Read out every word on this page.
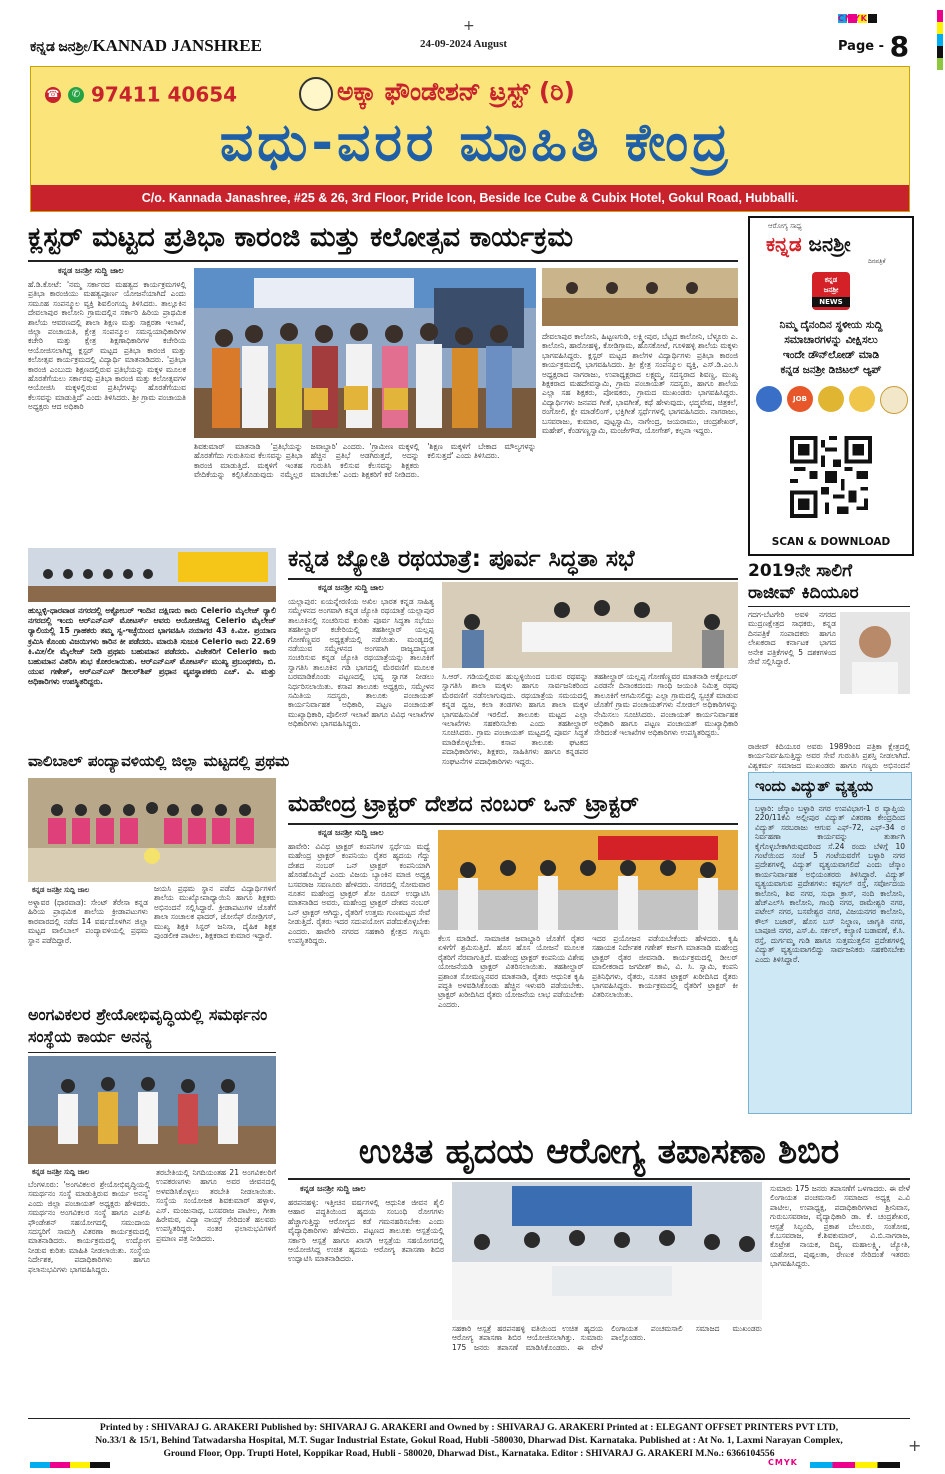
ಕನ್ನಡ ಜನಶ್ರೀ/KANNAD JANSHREE
+
24-09-2024 August
CMYK
Page - 8
☎ ✆ 97411 40654	ಅಕ್ಕಾ ಫೌಂಡೇಶನ್ ಟ್ರಸ್ಟ್ (ರಿ)
ವಧು-ವರರ ಮಾಹಿತಿ ಕೇಂದ್ರ
C/o. Kannada Janashree, #25 & 26, 3rd Floor, Pride Icon, Beside Ice Cube & Cubix Hotel, Gokul Road, Hubballi.
ಕ್ಲಸ್ಟರ್ ಮಟ್ಟದ ಪ್ರತಿಭಾ ಕಾರಂಜಿ ಮತ್ತು ಕಲೋತ್ಸವ ಕಾರ್ಯಕ್ರಮ
ಕನ್ನಡ ಜನಶ್ರೀ ಸುದ್ದಿ ಜಾಲ
ಹೆ.ಡಿ.ಕೋಟೆ: 'ನಮ್ಮ ಸರ್ಕಾರದ ಮಹತ್ವದ ಕಾರ್ಯಕ್ರಮಗಳಲ್ಲಿ ಪ್ರತಿಭಾ ಕಾರಂಜಿಯು ಮಹತ್ವಪೂರ್ಣ ಯೋಜನೆಯಾಗಿದೆ ಎಂದು ಸಮೂಹ ಸಂಪನ್ಮೂಲ ವ್ಯಕ್ತಿ ಶಿವಲಿಂಗಯ್ಯ ತಿಳಿಸಿದರು. ತಾಲ್ಲೂಕಿನ ದೇವಲಾಪುರ ಕಾಲೋನಿ ಗ್ರಾಮದಲ್ಲಿನ ಸರ್ಕಾರಿ ಹಿರಿಯ ಪ್ರಾಥಮಿಕ ಶಾಲೆಯ ಆವರಣದಲ್ಲಿ ಶಾಲಾ ಶಿಕ್ಷಣ ಮತ್ತು ಸಾಕ್ಷರತಾ ಇಲಾಖೆ, ಜಿಲ್ಲಾ ಪಂಚಾಯತಿ, ಕ್ಷೇತ್ರ ಸಂಪನ್ಮೂಲ ಸಮನ್ವಯಾಧಿಕಾರಿಗಳ ಕಚೇರಿ ಮತ್ತು ಕ್ಷೇತ್ರ ಶಿಕ್ಷಣಾಧಿಕಾರಿಗಳ ಕಚೇರಿಯ ಆಯೋಜಿಸಲಾಗಿದ್ದ ಕ್ಲಸ್ಟರ್ ಮಟ್ಟದ ಪ್ರತಿಭಾ ಕಾರಂಜಿ ಮತ್ತು ಕಲೋತ್ಸವ ಕಾರ್ಯಕ್ರಮದಲ್ಲಿ ವಿದ್ಯಾರ್ಥಿ ಮಾತನಾಡಿದರು. 'ಪ್ರತಿಭಾ ಕಾರಂಜಿ ಎಂಬುದು ಶಿಕ್ಷಣದಲ್ಲಿರುವ ಪ್ರತಿಭೆಯನ್ನು ಮಕ್ಕಳ ಮೂಲಕ ಹೊರತೆಗೆಯಲು ಸರ್ಕಾರವು ಪ್ರತಿಭಾ ಕಾರಂಜಿ ಮತ್ತು ಕಲೋತ್ಸವಗಳ ಆಯೋಜಿಸಿ ಮಕ್ಕಳಲ್ಲಿರುವ ಪ್ರತಿಭೆಗಳನ್ನು ಹೊರತೆಗೆಯುವ ಕೆಲಸವನ್ನು ಮಾಡುತ್ತಿದೆ' ಎಂದು ತಿಳಿಸಿದರು. ಶ್ರೀ ಗ್ರಾಮ ಪಂಚಾಯತಿ ಅಧ್ಯಕ್ಷರು ಆದ ಅಧಿಕಾರಿ
ಶಿವಕುಮಾರ್ ಮಾತನಾಡಿ 'ಪ್ರತಿಭೆಯನ್ನು ಹೊರತೆಗೆದು ಗುರುತಿಸುವ ಕೆಲಸವನ್ನು ಪ್ರತಿಭಾ ಕಾರಂಜಿ ಮಾಡುತ್ತಿದೆ. ಮಕ್ಕಳಿಗೆ ಇಂತಹ ವೇದಿಕೆಯನ್ನು ಕಲ್ಪಿಸಿಕೊಡುವುದು ನಮ್ಮೆಲ್ಲರ ಜವಾಬ್ದಾರಿ' ಎಂದರು. 'ಗ್ರಾಮೀಣ ಮಕ್ಕಳಲ್ಲಿ ಹೆಚ್ಚಿನ ಪ್ರತಿಭೆ ಅಡಗಿರುತ್ತದೆ, ಅದನ್ನು ಗುರುತಿಸಿ ಕಲಿಸುವ ಕೆಲಸವನ್ನು ಶಿಕ್ಷಕರು ಮಾಡಬೇಕು' ಎಂದು ಶಿಕ್ಷಕರಿಗೆ ಕರೆ ನೀಡಿದರು. 'ಶಿಕ್ಷಣ ಮಕ್ಕಳಿಗೆ ಬೇಕಾದ ಮೌಲ್ಯಗಳನ್ನು ಕಲಿಸುತ್ತದೆ' ಎಂದು ತಿಳಿಸಿದರು.
ದೇವಲಾಪುರ ಕಾಲೋನಿ, ಹಿಟ್ಟಣಗುಡಿ, ಲಕ್ಷ್ಮೀಪುರ, ಬೆಟ್ಟದ ಕಾಲೋನಿ, ಬೆಳ್ಳೂರು ಎ. ಕಾಲೋನಿ, ಹಾರೋಹಳ್ಳಿ, ಕೋಡಿಗ್ರಾಮ, ಹೊಸಕೋಟೆ, ಗೂಳಿಹಳ್ಳಿ ಶಾಲೆಯ ಮಕ್ಕಳು ಭಾಗವಹಿಸಿದ್ದರು. ಕ್ಲಸ್ಟರ್ ಮಟ್ಟದ ಶಾಲೆಗಳ ವಿದ್ಯಾರ್ಥಿಗಳು ಪ್ರತಿಭಾ ಕಾರಂಜಿ ಕಾರ್ಯಕ್ರಮದಲ್ಲಿ ಭಾಗವಹಿಸಿದರು. ಶ್ರೀ ಕ್ಷೇತ್ರ ಸಂಪನ್ಮೂಲ ವ್ಯಕ್ತಿ, ಎಸ್.ಡಿ.ಎಂ.ಸಿ ಅಧ್ಯಕ್ಷರಾದ ನಾಗರಾಜು, ಉಪಾಧ್ಯಕ್ಷರಾದ ಲಕ್ಷ್ಮಮ್ಮ, ಸದಸ್ಯರಾದ ಶಿವಣ್ಣ, ಮುಖ್ಯ ಶಿಕ್ಷಕರಾದ ಮಹದೇವಸ್ವಾಮಿ, ಗ್ರಾಮ ಪಂಚಾಯತ್ ಸದಸ್ಯರು, ಹಾಗೂ ಶಾಲೆಯ ಎಲ್ಲಾ ಸಹ ಶಿಕ್ಷಕರು, ಪೋಷಕರು, ಗ್ರಾಮದ ಮುಖಂಡರು ಭಾಗವಹಿಸಿದ್ದರು. ವಿದ್ಯಾರ್ಥಿಗಳು ಜನಪದ ಗೀತೆ, ಭಾವಗೀತೆ, ಕಥೆ ಹೇಳುವುದು, ಛದ್ಮವೇಷ, ಚಿತ್ರಕಲೆ, ರಂಗೋಲಿ, ಕ್ಲೇ ಮಾಡೆಲಿಂಗ್, ಭಕ್ತಿಗೀತೆ ಸ್ಪರ್ಧೆಗಳಲ್ಲಿ ಭಾಗವಹಿಸಿದರು. ನಾಗರಾಜು, ಬಸವರಾಜು, ಕುಮಾರ, ಪುಟ್ಟಸ್ವಾಮಿ, ನಾಗೇಂದ್ರ, ಜಯರಾಮು, ಚಂದ್ರಶೇಖರ್, ಮಹೇಶ್, ಕೆಂಡಗಣ್ಣಸ್ವಾಮಿ, ಮಂಜೇಗೌಡ, ಯೋಗೇಶ್, ಕಲ್ಪನಾ ಇದ್ದರು.
ಆರೋಗ್ಯ ಸಾಧ್ಯ
ಕನ್ನಡ ಜನಶ್ರೀ
ದಿನಪತ್ರಿಕೆ
ಕನ್ನಡ
ಜನಶ್ರೀ
NEWS
ನಿಮ್ಮ ದೈನಂದಿನ ಸ್ಥಳೀಯ ಸುದ್ದಿ
ಸಮಾಚಾರಗಳನ್ನು ವೀಕ್ಷಿಸಲು
ಇಂದೇ ಡೌನ್‌ಲೋಡ್ ಮಾಡಿ
ಕನ್ನಡ ಜನಶ್ರೀ ಡಿಜಿಟಲ್ ಆ್ಯಪ್
JOB
SCAN & DOWNLOAD
ಹುಬ್ಬಳ್ಳಿ-ಧಾರವಾಡ ನಗರದಲ್ಲಿ ಅಕ್ಟೋಬರ್ ಇಂದಿನ ದಕ್ಷಿಣರು ಕಾರು Celerio ಮೈಲೇಜ್ ರ‍್ಯಾಲಿ ನಗರದಲ್ಲಿ ಇಂದು ಆರ್‌ಎನ್ಎಸ್ ಮೋಟರ್ಸ್ ಆವರು ಆಯೋಜಿಸಿದ್ದ Celerio ಮೈಲೇಜ್ ರ‍್ಯಾಲಿಯಲ್ಲಿ 15 ಗ್ರಾಹಕರು ತಮ್ಮ ಸ್ವ-ಇಚ್ಛೆಯಿಂದ ಭಾಗವಹಿಸಿ ನಯಾಗರ 43 ಕಿ.ಮೀ. ಪ್ರಯಾಣ ಕ್ರಮಿಸಿ ಕೊಂಡು ವಿಜಯಿಗಳು ಕಾರಿನ ಕೀ ಪಡೆದರು. ಮಾರುತಿ ಸುಜುಕಿ Celerio ಕಾರು 22.69 ಕಿ.ಮೀ/ಲೀ ಮೈಲೇಜ್ ನೀಡಿ ಪ್ರಥಮ ಬಹುಮಾನ ಪಡೆದರು. ವಿಜೇತರಿಗೆ Celerio ಕಾರು ಬಹುಮಾನ ವಿತರಿಸಿ ಶುಭ ಕೋರಲಾಯಿತು. ಆರ್‌ಎನ್ಎಸ್ ಮೋಟರ್ಸ್ ಮುಖ್ಯ ಪ್ರಬಂಧಕರು, ಬಿ. ಯುವ ಗಣೇಶ್, ಆರ್‌ಎನ್ಎಸ್ ಡೀಲರ್‌ಶಿಪ್ ಪ್ರಧಾನ ವ್ಯವಸ್ಥಾಪಕರು ಎಚ್. ವಿ. ಮತ್ತು ಅಧಿಕಾರಿಗಳು ಉಪಸ್ಥಿತರಿದ್ದರು.
ಕನ್ನಡ ಜ್ಯೋತಿ ರಥಯಾತ್ರೆ: ಪೂರ್ವ ಸಿದ್ಧತಾ ಸಭೆ
ಕನ್ನಡ ಜನಶ್ರೀ ಸುದ್ದಿ ಜಾಲ
ಯಲ್ಲಾಪುರ: ಏಯನ್ನೇರಣಿಯ ಅಖಿಲ ಭಾರತ ಕನ್ನಡ ಸಾಹಿತ್ಯ ಸಮ್ಮೇಳನದ ಅಂಗವಾಗಿ ಕನ್ನಡ ಜ್ಯೋತಿ ರಥಯಾತ್ರೆ ಯಲ್ಲಾಪುರ ತಾಲೂಕಿನಲ್ಲಿ ಸಂಚರಿಸುವ ಕುರಿತು ಪೂರ್ವ ಸಿದ್ಧತಾ ಸಭೆಯು ತಹಶೀಲ್ದಾರ್ ಕಚೇರಿಯಲ್ಲಿ ತಹಶೀಲ್ದಾರ್ ಯಲ್ಲಪ್ಪ ಗೋಣೆಣ್ಣವರ ಅಧ್ಯಕ್ಷತೆಯಲ್ಲಿ ನಡೆಯಿತು. ಮಂಡ್ಯದಲ್ಲಿ ನಡೆಯುವ ಸಮ್ಮೇಳನದ ಅಂಗವಾಗಿ ರಾಜ್ಯದಾದ್ಯಂತ ಸಂಚರಿಸುವ ಕನ್ನಡ ಜ್ಯೋತಿ ರಥಯಾತ್ರೆಯನ್ನು ತಾಲೂಕಿಗೆ ಸ್ವಾಗತಿಸಿ ತಾಲೂಕಿನ ಗಡಿ ಭಾಗದಲ್ಲಿ ಮೆರವಣಿಗೆ ಮೂಲಕ ಬರಮಾಡಿಕೊಂಡು ಪಟ್ಟಣದಲ್ಲಿ ಭವ್ಯ ಸ್ವಾಗತ ನೀಡಲು ನಿರ್ಧರಿಸಲಾಯಿತು. ಕಸಾಪ ತಾಲೂಕು ಅಧ್ಯಕ್ಷರು, ಸಮ್ಮೇಳನ ಸಮಿತಿಯ ಸದಸ್ಯರು, ತಾಲೂಕು ಪಂಚಾಯತ್ ಕಾರ್ಯನಿರ್ವಾಹಕ ಅಧಿಕಾರಿ, ಪಟ್ಟಣ ಪಂಚಾಯತ್ ಮುಖ್ಯಾಧಿಕಾರಿ, ಪೊಲೀಸ್ ಇಲಾಖೆ ಹಾಗೂ ವಿವಿಧ ಇಲಾಖೆಗಳ ಅಧಿಕಾರಿಗಳು ಭಾಗವಹಿಸಿದ್ದರು.
ಸಿ.ಆರ್. ಗಡಿಯಲ್ಲಿರುವ ಹುಬ್ಬಳ್ಳಿಯಿಂದ ಬರುವ ರಥವನ್ನು ಸ್ವಾಗತಿಸಿ ಶಾಲಾ ಮಕ್ಕಳು ಹಾಗೂ ಸಾರ್ವಜನಿಕರಿಂದ ಮೆರವಣಿಗೆ ನಡೆಸಲಾಗುವುದು. ರಥಯಾತ್ರೆಯ ಸಮಯದಲ್ಲಿ ಕನ್ನಡ ಧ್ವಜ, ಕಲಾ ತಂಡಗಳು ಹಾಗೂ ಶಾಲಾ ಮಕ್ಕಳ ಭಾಗವಹಿಸುವಿಕೆ ಇರಲಿದೆ. ತಾಲೂಕು ಮಟ್ಟದ ಎಲ್ಲಾ ಇಲಾಖೆಗಳು ಸಹಕರಿಸಬೇಕು ಎಂದು ತಹಶೀಲ್ದಾರ್ ಸೂಚಿಸಿದರು. ಗ್ರಾಮ ಪಂಚಾಯತ್ ಮಟ್ಟದಲ್ಲಿ ಪೂರ್ವ ಸಿದ್ಧತೆ ಮಾಡಿಕೊಳ್ಳಬೇಕು. ಕಸಾಪ ತಾಲೂಕು ಘಟಕದ ಪದಾಧಿಕಾರಿಗಳು, ಶಿಕ್ಷಕರು, ಸಾಹಿತಿಗಳು ಹಾಗೂ ಕನ್ನಡಪರ ಸಂಘಟನೆಗಳ ಪದಾಧಿಕಾರಿಗಳು ಇದ್ದರು.
ತಹಶೀಲ್ದಾರ್ ಯಲ್ಲಪ್ಪ ಗೋಣೆಣ್ಣವರ ಮಾತನಾಡಿ ಅಕ್ಟೋಬರ್ ಎರಡನೇ ದಿನಾಂಕದಂದು ಗಾಂಧಿ ಜಯಂತಿ ನಿಮಿತ್ತ ರಥವು ತಾಲೂಕಿಗೆ ಆಗಮಿಸಲಿದ್ದು ಎಲ್ಲಾ ಗ್ರಾಮದಲ್ಲಿ ಸ್ವಚ್ಛತೆ ಮಾಡುವ ಜೊತೆಗೆ ಗ್ರಾಮ ಪಂಚಾಯತ್‌ಗಳು ನೋಡಲ್ ಅಧಿಕಾರಿಗಳನ್ನು ನೇಮಿಸಲು ಸೂಚಿಸಿದರು. ಪಂಚಾಯತ್ ಕಾರ್ಯನಿರ್ವಾಹಕ ಅಧಿಕಾರಿ ಹಾಗೂ ಪಟ್ಟಣ ಪಂಚಾಯತ್ ಮುಖ್ಯಾಧಿಕಾರಿ ಸೇರಿದಂತೆ ಇಲಾಖೆಗಳ ಅಧಿಕಾರಿಗಳು ಉಪಸ್ಥಿತರಿದ್ದರು.
ವಾಲಿಬಾಲ್ ಪಂದ್ಯಾವಳಿಯಲ್ಲಿ ಜಿಲ್ಲಾ ಮಟ್ಟದಲ್ಲಿ ಪ್ರಥಮ
ಕನ್ನಡ ಜನಶ್ರೀ ಸುದ್ದಿ ಜಾಲ
ಅಳ್ನಾವರ (ಧಾರವಾಡ): ಸೇಂಟ್ ತೆರೇಸಾ ಕನ್ನಡ ಹಿರಿಯ ಪ್ರಾಥಮಿಕ ಶಾಲೆಯ ಕ್ರೀಡಾಪಟುಗಳು ಕಾರವಾರದಲ್ಲಿ ನಡೆದ 14 ವರ್ಷದೊಳಗಿನ ಜಿಲ್ಲಾ ಮಟ್ಟದ ವಾಲಿಬಾಲ್ ಪಂದ್ಯಾವಳಿಯಲ್ಲಿ ಪ್ರಥಮ ಸ್ಥಾನ ಪಡೆದಿದ್ದಾರೆ.
ಜಯಸಿ ಪ್ರಥಮ ಸ್ಥಾನ ಪಡೆದ ವಿದ್ಯಾರ್ಥಿಗಳಿಗೆ ಶಾಲೆಯ ಮುಖ್ಯೋಪಾಧ್ಯಾಯಿನಿ ಹಾಗೂ ಶಿಕ್ಷಕರು ಅಭಿನಂದನೆ ಸಲ್ಲಿಸಿದ್ದಾರೆ. ಕ್ರೀಡಾಪಟುಗಳ ಜೊತೆಗೆ ಶಾಲಾ ಸಂಚಾಲಕ ಫಾದರ್, ಜೋಸೆಫ್ ರೋಡ್ರಿಗಸ್, ಮುಖ್ಯ ಶಿಕ್ಷಕಿ ಸಿಸ್ಟರ್ ಜನಿಸಾ, ದೈಹಿಕ ಶಿಕ್ಷಕ ಪುಂಡಲೀಕ ಪಾಟೀಲ, ಶಿಕ್ಷಕರಾದ ಕುಮಾರ ಇದ್ದಾರೆ.
ಮಹೇಂದ್ರ ಟ್ರಾಕ್ಟರ್ ದೇಶದ ನಂಬರ್ ಒನ್ ಟ್ರಾಕ್ಟರ್
ಕನ್ನಡ ಜನಶ್ರೀ ಸುದ್ದಿ ಜಾಲ
ಹಾವೇರಿ: ವಿವಿಧ ಟ್ರಾಕ್ಟರ್ ಕಂಪನಿಗಳ ಸ್ಪರ್ಧೆಯ ಮಧ್ಯೆ ಮಹೇಂದ್ರ ಟ್ರಾಕ್ಟರ್ ಕಂಪನಿಯು ರೈತರ ಹೃದಯ ಗೆದ್ದು ದೇಶದ ನಂಬರ್ ಒನ್ ಟ್ರಾಕ್ಟರ್ ಕಂಪನಿಯಾಗಿ ಹೊರಹೊಮ್ಮಿದೆ ಎಂದು ವಿಜಯ ಬ್ಯಾಂಕಿನ ಮಾಜಿ ಅಧ್ಯಕ್ಷ ಬಸವರಾಜ ಸವಣೂರು ಹೇಳಿದರು. ನಗರದಲ್ಲಿ ಸೋಮವಾರ ನೂತನ ಮಹೇಂದ್ರ ಟ್ರಾಕ್ಟರ್ ಶೋ ರೂಮ್ ಉದ್ಘಾಟಿಸಿ ಮಾತನಾಡಿದ ಅವರು, ಮಹೇಂದ್ರ ಟ್ರಾಕ್ಟರ್ ದೇಶದ ನಂಬರ್ ಒನ್ ಟ್ರಾಕ್ಟರ್ ಆಗಿದ್ದು, ರೈತರಿಗೆ ಉತ್ತಮ ಗುಣಮಟ್ಟದ ಸೇವೆ ನೀಡುತ್ತಿದೆ. ರೈತರು ಇದರ ಸದುಪಯೋಗ ಪಡೆದುಕೊಳ್ಳಬೇಕು ಎಂದರು. ಹಾವೇರಿ ನಗರದ ಸಹಕಾರಿ ಕ್ಷೇತ್ರದ ಗಣ್ಯರು ಉಪಸ್ಥಿತರಿದ್ದರು.	ಕೆಲಸ ಮಾಡಿದೆ. ಸಾಮಾಜಿಕ ಜವಾಬ್ದಾರಿ ಜೊತೆಗೆ ರೈತರ ಏಳಿಗೆಗೆ ಶ್ರಮಿಸುತ್ತಿದೆ. ಹೊಸ ಹೊಸ ಯೋಜನೆ ಮೂಲಕ ರೈತರಿಗೆ ನೆರವಾಗುತ್ತಿದೆ. ಮಹೇಂದ್ರ ಟ್ರಾಕ್ಟರ್ ಕಂಪನಿಯ ವಿಶೇಷ ಯೋಜನೆಯಡಿ ಟ್ರಾಕ್ಟರ್ ವಿತರಿಸಲಾಯಿತು. ತಹಶೀಲ್ದಾರ್ ಪ್ರಶಾಂತ ಸೋಮಣ್ಣನವರ ಮಾತನಾಡಿ, ರೈತರು ಆಧುನಿಕ ಕೃಷಿ ಪದ್ಧತಿ ಅಳವಡಿಸಿಕೊಂಡು ಹೆಚ್ಚಿನ ಇಳುವರಿ ಪಡೆಯಬೇಕು. ಟ್ರಾಕ್ಟರ್ ಖರೀದಿಸಿದ ರೈತರು ಯೋಜನೆಯ ಲಾಭ ಪಡೆಯಬೇಕು ಎಂದರು.
ಇದರ ಪ್ರಯೋಜನ ಪಡೆಯಬೇಕೆಂದು ಹೇಳಿದರು. ಕೃಷಿ ಸಹಾಯಕ ನಿರ್ದೇಶಕ ಗಣೇಶ್ ಕರ್ಜಗಿ ಮಾತನಾಡಿ ಮಹೇಂದ್ರ ಟ್ರಾಕ್ಟರ್ ರೈತರ ಜೀವನಾಡಿ. ಕಾರ್ಯಕ್ರಮದಲ್ಲಿ ಡೀಲರ್ ಮಾಲೀಕರಾದ ಜಗದೀಶ್ ಕಾವಿ, ವಿ. ಸಿ. ಸ್ವಾಮಿ, ಕಂಪನಿ ಪ್ರತಿನಿಧಿಗಳು, ರೈತರು, ನೂತನ ಟ್ರಾಕ್ಟರ್ ಖರೀದಿಸಿದ ರೈತರು ಭಾಗವಹಿಸಿದ್ದರು. ಕಾರ್ಯಕ್ರಮದಲ್ಲಿ ರೈತರಿಗೆ ಟ್ರಾಕ್ಟರ್ ಕೀ ವಿತರಿಸಲಾಯಿತು.
ಅಂಗವಿಕಲರ ಶ್ರೇಯೋಭಿವೃದ್ಧಿಯಲ್ಲಿ ಸಮರ್ಥನಂ ಸಂಸ್ಥೆಯ ಕಾರ್ಯ ಅನನ್ಯ
ಕನ್ನಡ ಜನಶ್ರೀ ಸುದ್ದಿ ಜಾಲ
ಬೆಂಗಳೂರು: 'ಅಂಗವಿಕಲರ ಶ್ರೇಯೋಭಿವೃದ್ಧಿಯಲ್ಲಿ ಸಮರ್ಥನಂ ಸಂಸ್ಥೆ ಮಾಡುತ್ತಿರುವ ಕಾರ್ಯ ಅನನ್ಯ' ಎಂದು ಜಿಲ್ಲಾ ಪಂಚಾಯತ್ ಅಧ್ಯಕ್ಷರು ಹೇಳಿದರು. ಸಮರ್ಥನಂ ಅಂಗವಿಕಲರ ಸಂಸ್ಥೆ ಹಾಗೂ ಎಚ್‌ಪಿ ಫೌಂಡೇಶನ್ ಸಹಯೋಗದಲ್ಲಿ ಸಮುದಾಯ ಸದಸ್ಯರಿಗೆ ಸಾಮಗ್ರಿ ವಿತರಣಾ ಕಾರ್ಯಕ್ರಮದಲ್ಲಿ ಮಾತನಾಡಿದರು. ಕಾರ್ಯಕ್ರಮದಲ್ಲಿ ಉದ್ಯೋಗ ನೀಡುವ ಕುರಿತು ಮಾಹಿತಿ ನೀಡಲಾಯಿತು. ಸಂಸ್ಥೆಯ ನಿರ್ದೇಶಕ, ಪದಾಧಿಕಾರಿಗಳು ಹಾಗೂ ಫಲಾನುಭವಿಗಳು ಭಾಗವಹಿಸಿದ್ದರು.
ತರಬೇತಿಯಲ್ಲಿ ನಿಗದಿಯಂತಹ 21 ಅಂಗವಿಕಲರಿಗೆ ಉಪಕರಣಗಳು ಹಾಗೂ ಅವರ ಜೀವನದಲ್ಲಿ ಅಳವಡಿಸಿಕೊಳ್ಳಲು ತರಬೇತಿ ನೀಡಲಾಯಿತು. ಸಂಸ್ಥೆಯ ಸಂಯೋಜಕ ಶಿವಕುಮಾರ್ ಹಳ್ಳಾಳ, ಎಸ್. ಮಂಜುನಾಥ, ಬಸವರಾಜ ಪಾಟೀಲ, ಗೀತಾ ಹಿರೇಮಠ, ವಿದ್ಯಾ ನಾಯ್ಕ್ ಸೇರಿದಂತೆ ಹಲವರು ಉಪಸ್ಥಿತರಿದ್ದರು. ನಂತರ ಫಲಾನುಭವಿಗಳಿಗೆ ಪ್ರಮಾಣ ಪತ್ರ ನೀಡಿದರು.
ಉಚಿತ ಹೃದಯ ಆರೋಗ್ಯ ತಪಾಸಣಾ ಶಿಬಿರ
ಕನ್ನಡ ಜನಶ್ರೀ ಸುದ್ದಿ ಜಾಲ
ಹರಪನಹಳ್ಳಿ: ಇತ್ತೀಚಿನ ವರ್ಷಗಳಲ್ಲಿ ಆಧುನಿಕ ಜೀವನ ಶೈಲಿ ಆಹಾರ ಪದ್ಧತಿಯಿಂದ ಹೃದಯ ಸಂಬಂಧಿ ರೋಗಗಳು ಹೆಚ್ಚಾಗುತ್ತಿದ್ದು ಆರೋಗ್ಯದ ಕಡೆ ಗಮನಹರಿಸಬೇಕು ಎಂದು ವೈದ್ಯಾಧಿಕಾರಿಗಳು ಹೇಳಿದರು. ಪಟ್ಟಣದ ತಾಲೂಕು ಆಸ್ಪತ್ರೆಯಲ್ಲಿ ಸರ್ಕಾರಿ ಆಸ್ಪತ್ರೆ ಹಾಗೂ ಖಾಸಗಿ ಆಸ್ಪತ್ರೆಯ ಸಹಯೋಗದಲ್ಲಿ ಆಯೋಜಿಸಿದ್ದ ಉಚಿತ ಹೃದಯ ಆರೋಗ್ಯ ತಪಾಸಣಾ ಶಿಬಿರ ಉದ್ಘಾಟಿಸಿ ಮಾತನಾಡಿದರು.
ಸಹಕಾರಿ ಆಸ್ಪತ್ರೆ ಹರಪನಹಳ್ಳಿ ವತಿಯಿಂದ ಉಚಿತ ಹೃದಯ ಆರೋಗ್ಯ ತಪಾಸಣಾ ಶಿಬಿರ ಆಯೋಜಿಸಲಾಗಿತ್ತು. ಸುಮಾರು 175 ಜನರು ತಪಾಸಣೆ ಮಾಡಿಸಿಕೊಂಡರು. ಈ ವೇಳೆ ಲಿಂಗಾಯತ ಪಂಚಮಸಾಲಿ ಸಮಾಜದ ಮುಖಂಡರು ಪಾಲ್ಗೊಂಡರು.
ಸುಮಾರು 175 ಜನರು ತಪಾಸಣೆಗೆ ಒಳಗಾದರು. ಈ ವೇಳೆ ಲಿಂಗಾಯತ ಪಂಚಮಸಾಲಿ ಸಮಾಜದ ಅಧ್ಯಕ್ಷ ಎ.ವಿ ಪಾಟೀಲ, ಉಪಾಧ್ಯಕ್ಷ, ಪದಾಧಿಕಾರಿಗಳಾದ ಶ್ರೀನಿವಾಸ, ಗುರುಬಸವರಾಜ, ವೈದ್ಯಾಧಿಕಾರಿ ಡಾ. ಕೆ. ಚಂದ್ರಶೇಖರ, ಆಸ್ಪತ್ರೆ ಸಿಬ್ಬಂದಿ, ಪ್ರಕಾಶ ಬೇಲೂರು, ಸಂತೋಷ, ಕೆ.ಬಸವರಾಜ, ಕೆ.ಶಿವಕುಮಾರ್, ವಿ.ಬಿ.ನಾಗರಾಜ, ಕೊಟ್ರೇಶ ನಾಯಕ, ದಿವ್ಯ, ಮಹಾಲಕ್ಷ್ಮಿ, ಜ್ಯೋತಿ, ಯಶೋದ, ಪುಷ್ಪಲತಾ, ರೇಣುಕ ಸೇರಿದಂತೆ ಇತರರು ಭಾಗವಹಿಸಿದ್ದರು.
2019ನೇ ಸಾಲಿಗೆ
ರಾಜೀವ್ ಕಿದಿಯೂರ
ಗದಗ-ಬೆಟಗೇರಿ ಅವಳಿ ನಗರದ ಮುದ್ರಣಕ್ಷೇತ್ರದ ಸಾಧಕರು, ಕನ್ನಡ ದಿನಪತ್ರಿಕೆ ಸಂಪಾದಕರು ಹಾಗೂ ಲೇಖಕರಾದ ಕರ್ನಾಟಕ ಭಾಗದ ಅನೇಕ ಪತ್ರಿಕೆಗಳಲ್ಲಿ 5 ದಶಕಗಳಿಂದ ಸೇವೆ ಸಲ್ಲಿಸಿದ್ದಾರೆ.
ರಾಜೀವ್ ಕಿದಿಯೂರ ಅವರು 1989ರಿಂದ ಪತ್ರಿಕಾ ಕ್ಷೇತ್ರದಲ್ಲಿ ಕಾರ್ಯನಿರ್ವಹಿಸುತ್ತಿದ್ದು ಅವರ ಸೇವೆ ಗುರುತಿಸಿ ಪ್ರಶಸ್ತಿ ನೀಡಲಾಗಿದೆ. ವಿಶ್ವಕರ್ಮ ಸಮಾಜದ ಮುಖಂಡರು ಹಾಗೂ ಗಣ್ಯರು ಅಭಿನಂದನೆ
ಇಂದು ವಿದ್ಯುತ್ ವ್ಯತ್ಯಯ
ಬಳ್ಳಾರಿ: ಜೆಸ್ಕಾಂ ಬಳ್ಳಾರಿ ನಗರ ಉಪವಿಭಾಗ-1 ರ ವ್ಯಾಪ್ತಿಯ 220/11ಕೆವಿ ಅಲ್ಲೀಪುರ ವಿದ್ಯುತ್ ವಿತರಣಾ ಕೇಂದ್ರದಿಂದ ವಿದ್ಯುತ್ ಸರಬರಾಜು ಆಗುವ ಎಫ್-72, ಎಫ್-34 ರ ನಿರ್ವಹಣಾ ಕಾರ್ಯವನ್ನು ತುರ್ತಾಗಿ ಕೈಗೊಳ್ಳಬೇಕಾಗಿರುವುದರಿಂದ ಸೆ.24 ರಂದು ಬೆಳಿಗ್ಗೆ 10 ಗಂಟೆಯಿಂದ ಸಂಜೆ 5 ಗಂಟೆಯವರೆಗೆ ಬಳ್ಳಾರಿ ನಗರ ಪ್ರದೇಶಗಳಲ್ಲಿ ವಿದ್ಯುತ್ ವ್ಯತ್ಯಯವಾಗಲಿದೆ ಎಂದು ಜೆಸ್ಕಾಂ ಕಾರ್ಯನಿರ್ವಾಹಕ ಅಭಿಯಂತರರು ತಿಳಿಸಿದ್ದಾರೆ. ವಿದ್ಯುತ್ ವ್ಯತ್ಯಯವಾಗುವ ಪ್ರದೇಶಗಳು: ಕಪ್ಪಗಲ್ ರಸ್ತೆ, ಸರ್ವೋದಯ ಕಾಲೋನಿ, ಶಿವ ನಗರ, ಸುಧಾ ಕ್ರಾಸ್, ನಂದಿ ಕಾಲೋನಿ, ಹೆಚ್‌ಎಲ್‌ಸಿ ಕಾಲೋನಿ, ಗಾಂಧಿ ನಗರ, ರಾಮೇಶ್ವರಿ ನಗರ, ಪಟೇಲ್ ನಗರ, ಬಸವೇಶ್ವರ ನಗರ, ವಿಜಯನಗರ ಕಾಲೋನಿ, ಕೌಲ್ ಬಜಾರ್, ಹೊಸ ಬಸ್ ನಿಲ್ದಾಣ, ಜಾಗೃತಿ ನಗರ, ಬಾಪೂಜಿ ನಗರ, ಎಸ್.ಪಿ. ಸರ್ಕಲ್, ಕಲ್ಯಾಣಿ ಬಡಾವಣೆ, ಕೆ.ಸಿ. ರಸ್ತೆ, ದುರ್ಗಮ್ಮ ಗುಡಿ ಹಾಗೂ ಸುತ್ತಮುತ್ತಲಿನ ಪ್ರದೇಶಗಳಲ್ಲಿ ವಿದ್ಯುತ್ ವ್ಯತ್ಯಯವಾಗಲಿದ್ದು ಸಾರ್ವಜನಿಕರು ಸಹಕರಿಸಬೇಕು ಎಂದು ತಿಳಿಸಿದ್ದಾರೆ.
Printed by : SHIVARAJ G. ARAKERI Published by: SHIVARAJ G. ARAKERI and Owned by : SHIVARAJ G. ARAKERI Printed at : ELEGANT OFFSET PRINTERS PVT LTD,
No.33/1 & 15/1, Behind Tatwadarsha Hospital, M.T. Sugar Industrial Estate, Gokul Road, Hubli -580030, Dharwad Dist. Karnataka. Published at : At No. 1, Laxmi Narayan Complex,
Ground Floor, Opp. Trupti Hotel, Koppikar Road, Hubli - 580020, Dharwad Dist., Karnataka. Editor : SHIVARAJ G. ARAKERI M.No.: 6366104556
CMYK
+
